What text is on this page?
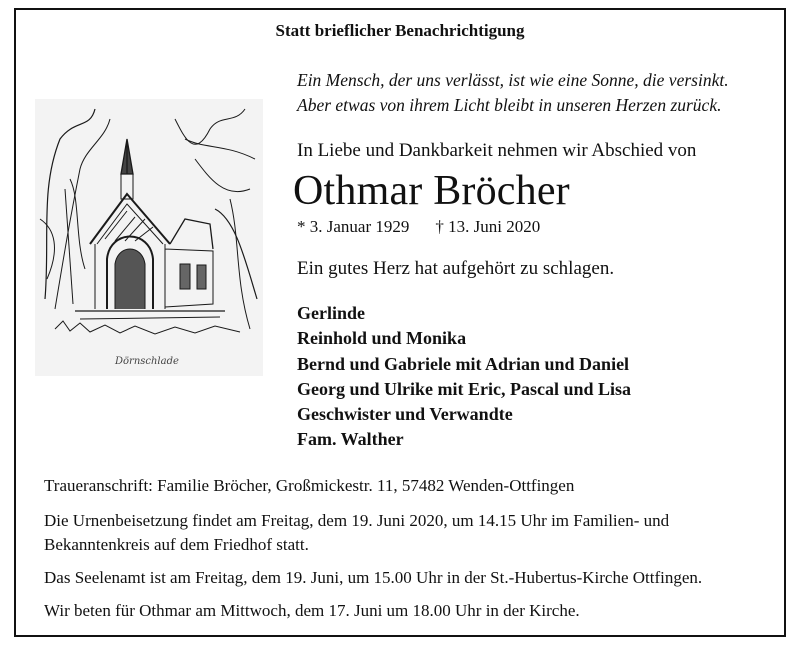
Statt brieflicher Benachrichtigung
Ein Mensch, der uns verlässt, ist wie eine Sonne, die versinkt.
Aber etwas von ihrem Licht bleibt in unseren Herzen zurück.
Dörnschlade
In Liebe und Dankbarkeit nehmen wir Abschied von
Othmar Bröcher
* 3. Januar 1929 † 13. Juni 2020
Ein gutes Herz hat aufgehört zu schlagen.
Gerlinde
Reinhold und Monika
Bernd und Gabriele mit Adrian und Daniel
Georg und Ulrike mit Eric, Pascal und Lisa
Geschwister und Verwandte
Fam. Walther
Traueranschrift: Familie Bröcher, Großmickestr. 11, 57482 Wenden-Ottfingen
Die Urnenbeisetzung findet am Freitag, dem 19. Juni 2020, um 14.15 Uhr im Familien- und
Bekanntenkreis auf dem Friedhof statt.
Das Seelenamt ist am Freitag, dem 19. Juni, um 15.00 Uhr in der St.-Hubertus-Kirche Ottfingen.
Wir beten für Othmar am Mittwoch, dem 17. Juni um 18.00 Uhr in der Kirche.
